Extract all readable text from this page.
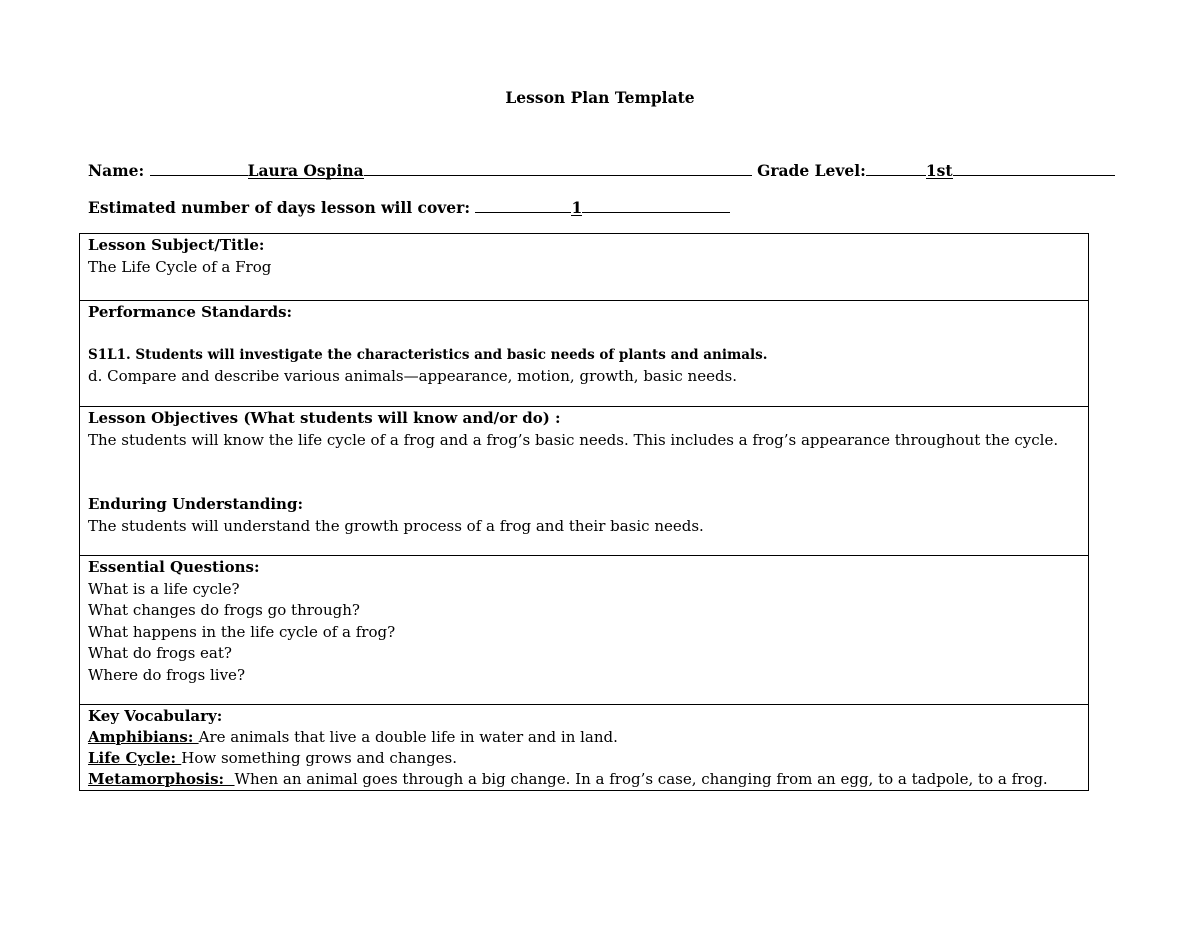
Lesson Plan Template
Name:	Laura Ospina	Grade Level:	1st
Estimated number of days lesson will cover:	1
Lesson Subject/Title:
The Life Cycle of a Frog
Performance Standards:
S1L1. Students will investigate the characteristics and basic needs of plants and animals.
d. Compare and describe various animals—appearance, motion, growth, basic needs.
Lesson Objectives (What students will know and/or do) :
The students will know the life cycle of a frog and a frog’s basic needs. This includes a frog’s appearance throughout the cycle.
Enduring Understanding:
The students will understand the growth process of a frog and their basic needs.
Essential Questions:
What is a life cycle?
What changes do frogs go through?
What happens in the life cycle of a frog?
What do frogs eat?
Where do frogs live?
Key Vocabulary:
Amphibians: Are animals that live a double life in water and in land.
Life Cycle: How something grows and changes.
Metamorphosis:  When an animal goes through a big change. In a frog’s case, changing from an egg, to a tadpole, to a frog.
